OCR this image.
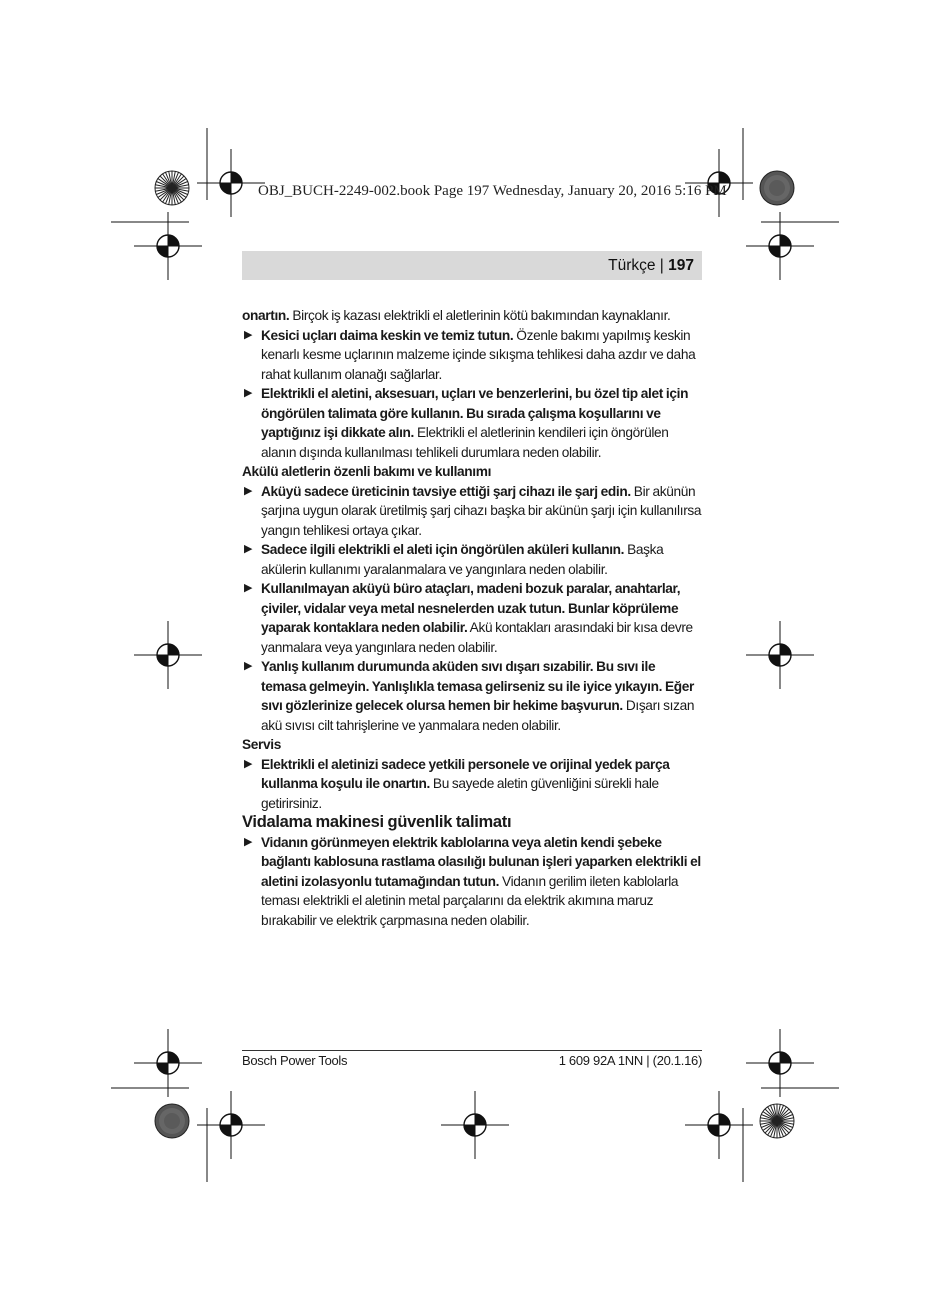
OBJ_BUCH-2249-002.book Page 197 Wednesday, January 20, 2016 5:16 PM
Türkçe | 197

onartın. Birçok iş kazası elektrikli el aletlerinin kötü bakımından kaynaklanır.

▶ Kesici uçları daima keskin ve temiz tutun. Özenle bakımı yapılmış keskin kenarlı kesme uçlarının malzeme içinde sıkışma tehlikesi daha azdır ve daha rahat kullanım olanağı sağlarlar.

▶ Elektrikli el aletini, aksesuarı, uçları ve benzerlerini, bu özel tip alet için öngörülen talimata göre kullanın. Bu sırada çalışma koşullarını ve yaptığınız işi dikkate alın. Elektrikli el aletlerinin kendileri için öngörülen alanın dışında kullanılması tehlikeli durumlara neden olabilir.

Akülü aletlerin özenli bakımı ve kullanımı

▶ Aküyü sadece üreticinin tavsiye ettiği şarj cihazı ile şarj edin. Bir akünün şarjına uygun olarak üretilmiş şarj cihazı başka bir akünün şarjı için kullanılırsa yangın tehlikesi ortaya çıkar.

▶ Sadece ilgili elektrikli el aleti için öngörülen aküleri kullanın. Başka akülerin kullanımı yaralanmalara ve yangınlara neden olabilir.

▶ Kullanılmayan aküyü büro ataçları, madeni bozuk paralar, anahtarlar, çiviler, vidalar veya metal nesnelerden uzak tutun. Bunlar köprüleme yaparak kontaklara neden olabilir. Akü kontakları arasındaki bir kısa devre yanmalara veya yangınlara neden olabilir.

▶ Yanlış kullanım durumunda aküden sıvı dışarı sızabilir. Bu sıvı ile temasa gelmeyin. Yanlışlıkla temasa gelirseniz su ile iyice yıkayın. Eğer sıvı gözlerinize gelecek olursa hemen bir hekime başvurun. Dışarı sızan akü sıvısı cilt tahrişlerine ve yanmalara neden olabilir.

Servis

▶ Elektrikli el aletinizi sadece yetkili personele ve orijinal yedek parça kullanma koşulu ile onartın. Bu sayede aletin güvenliğini sürekli hale getirirsiniz.

Vidalama makinesi güvenlik talimatı

▶ Vidanın görünmeyen elektrik kablolarına veya aletin kendi şebeke bağlantı kablosuna rastlama olasılığı bulunan işleri yaparken elektrikli el aletini izolasyonlu tutamağından tutun. Vidanın gerilim ileten kablolarla teması elektrikli el aletinin metal parçalarını da elektrik akımına maruz bırakabilir ve elektrik çarpmasına neden olabilir.

Bosch Power Tools	1 609 92A 1NN | (20.1.16)
